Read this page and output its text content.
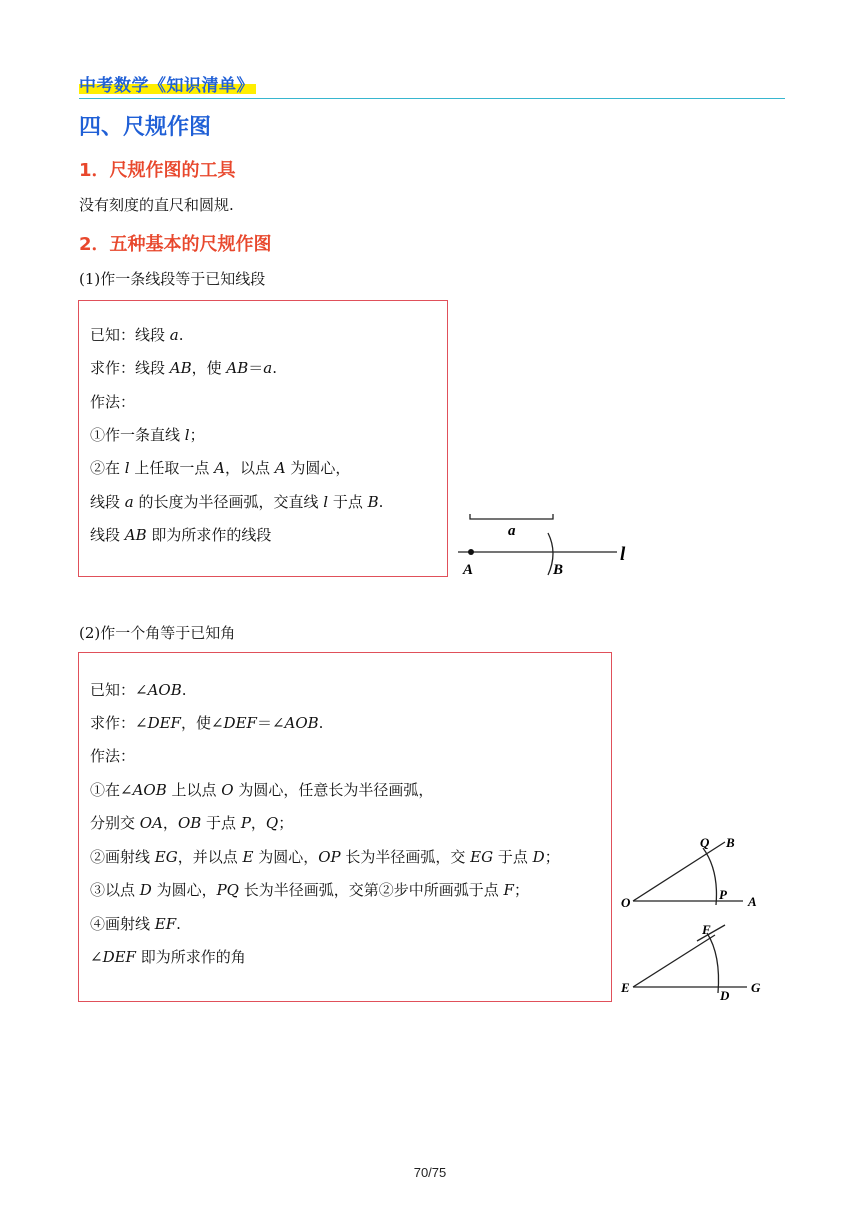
中考数学《知识清单》
四、尺规作图
1．尺规作图的工具
没有刻度的直尺和圆规.
2．五种基本的尺规作图
(1)作一条线段等于已知线段
已知：线段 a.
求作：线段 AB，使 AB＝a.
作法：
①作一条直线 l；
②在 l 上任取一点 A，以点 A 为圆心，
线段 a 的长度为半径画弧，交直线 l 于点 B.
线段 AB 即为所求作的线段	a
A	B
l
(2)作一个角等于已知角
已知：∠AOB.
求作：∠DEF，使∠DEF＝∠AOB.
作法：
①在∠AOB 上以点 O 为圆心，任意长为半径画弧，
分别交 OA，OB 于点 P，Q；
②画射线 EG，并以点 E 为圆心，OP 长为半径画弧，交 EG 于点 D；
③以点 D 为圆心，PQ 长为半径画弧，交第②步中所画弧于点 F；
④画射线 EF.
∠DEF 即为所求作的角
Q B
P
O	A
F
E
D
G
70/75
